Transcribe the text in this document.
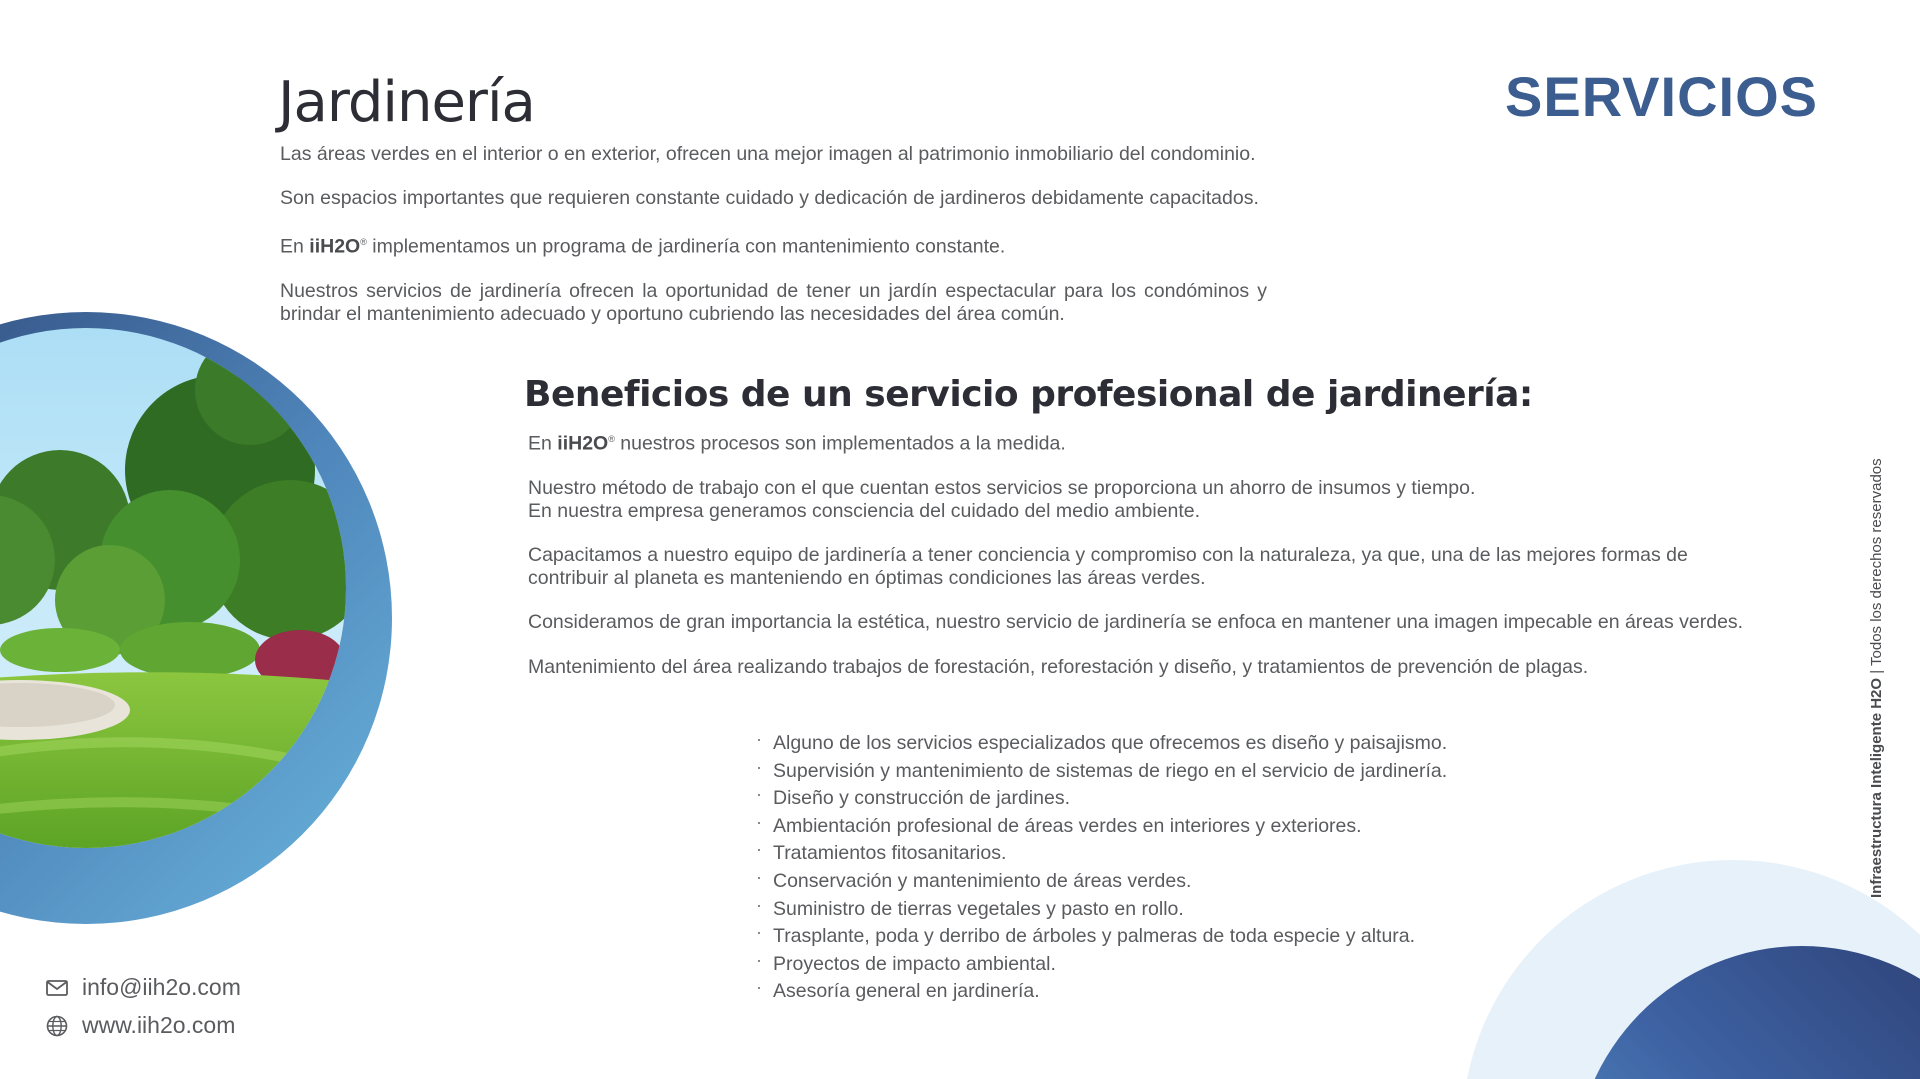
SERVICIOS
Jardinería

Las áreas verdes en el interior o en exterior, ofrecen una mejor imagen al patrimonio inmobiliario del condominio.

Son espacios importantes que requieren constante cuidado y dedicación de jardineros debidamente capacitados.

En iiH2O® implementamos un programa de jardinería con mantenimiento constante.

Nuestros servicios de jardinería ofrecen la oportunidad de tener un jardín espectacular para los condóminos y brindar el mantenimiento adecuado y oportuno cubriendo las necesidades del área común.

Beneficios de un servicio profesional de jardinería:

En iiH2O® nuestros procesos son implementados a la medida.

Nuestro método de trabajo con el que cuentan estos servicios se proporciona un ahorro de insumos y tiempo.
En nuestra empresa generamos consciencia del cuidado del medio ambiente.

Capacitamos a nuestro equipo de jardinería a tener conciencia y compromiso con la naturaleza, ya que, una de las mejores formas de contribuir al planeta es manteniendo en óptimas condiciones las áreas verdes.

Consideramos de gran importancia la estética, nuestro servicio de jardinería se enfoca en mantener una imagen impecable en áreas verdes.

Mantenimiento del área realizando trabajos de forestación, reforestación y diseño, y tratamientos de prevención de plagas.

· Alguno de los servicios especializados que ofrecemos es diseño y paisajismo.
· Supervisión y mantenimiento de sistemas de riego en el servicio de jardinería.
· Diseño y construcción de jardines.
· Ambientación profesional de áreas verdes en interiores y exteriores.
· Tratamientos fitosanitarios.
· Conservación y mantenimiento de áreas verdes.
· Suministro de tierras vegetales y pasto en rollo.
· Trasplante, poda y derribo de árboles y palmeras de toda especie y altura.
· Proyectos de impacto ambiental.
· Asesoría general en jardinería.
Infraestructura Inteligente H2O | Todos los derechos reservados
info@iih2o.com
www.iih2o.com
